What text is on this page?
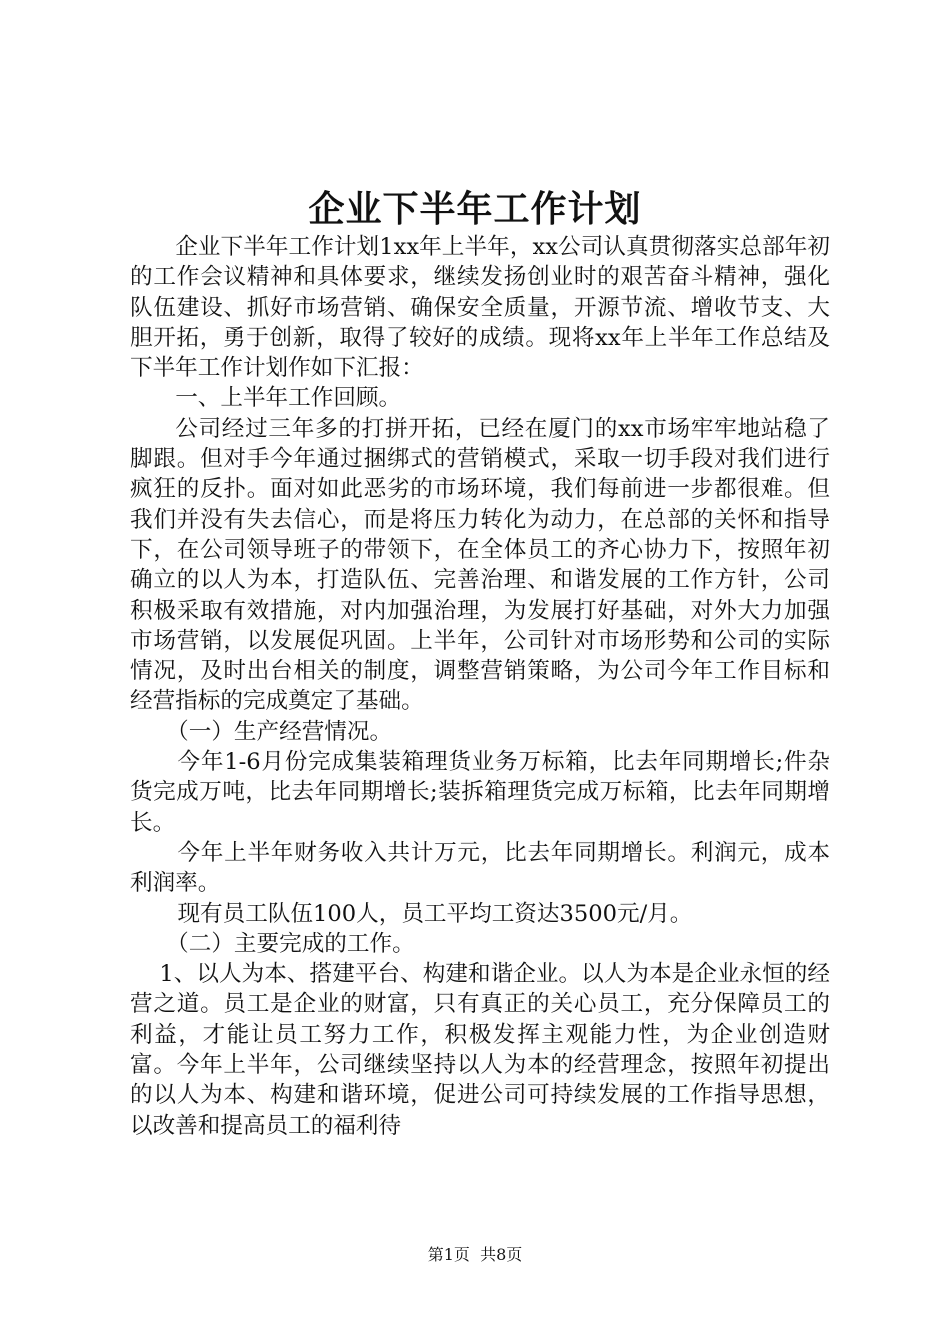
企业下半年工作计划

企业下半年工作计划1xx年上半年，xx公司认真贯彻落实总部年初的工作会议精神和具体要求，继续发扬创业时的艰苦奋斗精神，强化队伍建设、抓好市场营销、确保安全质量，开源节流、增收节支、大胆开拓，勇于创新，取得了较好的成绩。现将xx年上半年工作总结及下半年工作计划作如下汇报：

一、上半年工作回顾。

公司经过三年多的打拼开拓，已经在厦门的xx市场牢牢地站稳了脚跟。但对手今年通过捆绑式的营销模式，采取一切手段对我们进行疯狂的反扑。面对如此恶劣的市场环境，我们每前进一步都很难。但我们并没有失去信心，而是将压力转化为动力，在总部的关怀和指导下，在公司领导班子的带领下，在全体员工的齐心协力下，按照年初确立的以人为本，打造队伍、完善治理、和谐发展的工作方针，公司积极采取有效措施，对内加强治理，为发展打好基础，对外大力加强市场营销，以发展促巩固。上半年，公司针对市场形势和公司的实际情况，及时出台相关的制度，调整营销策略，为公司今年工作目标和经营指标的完成奠定了基础。

（一）生产经营情况。

今年1-6月份完成集装箱理货业务万标箱，比去年同期增长;件杂货完成万吨，比去年同期增长;装拆箱理货完成万标箱，比去年同期增长。

今年上半年财务收入共计万元，比去年同期增长。利润元，成本利润率。

现有员工队伍100人，员工平均工资达3500元/月。

（二）主要完成的工作。

1、以人为本、搭建平台、构建和谐企业。以人为本是企业永恒的经营之道。员工是企业的财富，只有真正的关心员工，充分保障员工的利益，才能让员工努力工作，积极发挥主观能力性，为企业创造财富。今年上半年，公司继续坚持以人为本的经营理念，按照年初提出的以人为本、构建和谐环境，促进公司可持续发展的工作指导思想，以改善和提高员工的福利待

第1页  共8页
